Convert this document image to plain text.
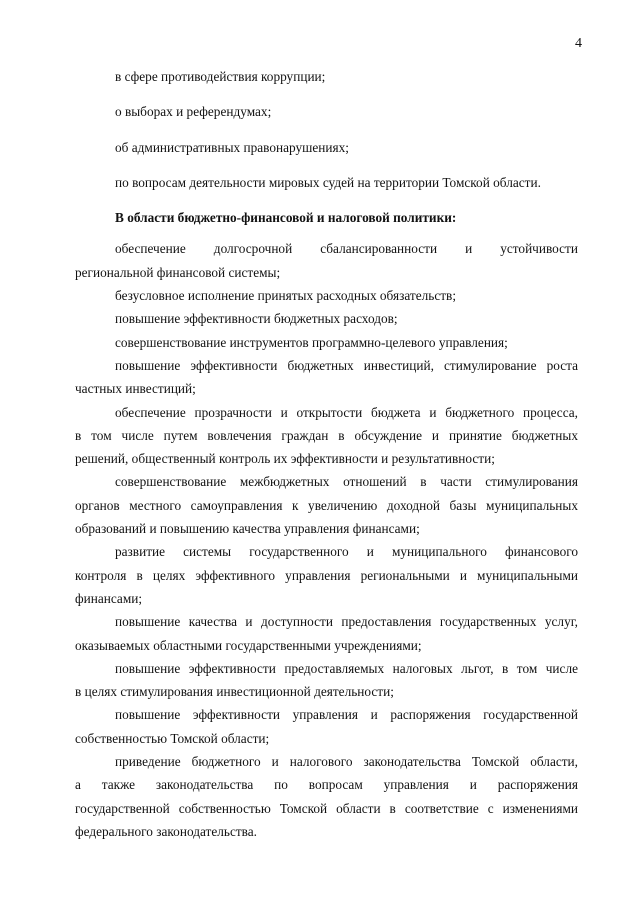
4

в сфере противодействия коррупции;

о выборах и референдумах;

об административных правонарушениях;

по вопросам деятельности мировых судей на территории Томской области.

В области бюджетно-финансовой и налоговой политики:

обеспечение долгосрочной сбалансированности и устойчивости
региональной финансовой системы;
безусловное исполнение принятых расходных обязательств;
повышение эффективности бюджетных расходов;
совершенствование инструментов программно-целевого управления;
повышение эффективности бюджетных инвестиций, стимулирование роста
частных инвестиций;
обеспечение прозрачности и открытости бюджета и бюджетного процесса,
в том числе путем вовлечения граждан в обсуждение и принятие бюджетных
решений, общественный контроль их эффективности и результативности;
совершенствование межбюджетных отношений в части стимулирования
органов местного самоуправления к увеличению доходной базы муниципальных
образований и повышению качества управления финансами;
развитие системы государственного и муниципального финансового
контроля в целях эффективного управления региональными и муниципальными
финансами;
повышение качества и доступности предоставления государственных услуг,
оказываемых областными государственными учреждениями;
повышение эффективности предоставляемых налоговых льгот, в том числе
в целях стимулирования инвестиционной деятельности;
повышение эффективности управления и распоряжения государственной
собственностью Томской области;
приведение бюджетного и налогового законодательства Томской области,
а также законодательства по вопросам управления и распоряжения
государственной собственностью Томской области в соответствие с изменениями
федерального законодательства.
